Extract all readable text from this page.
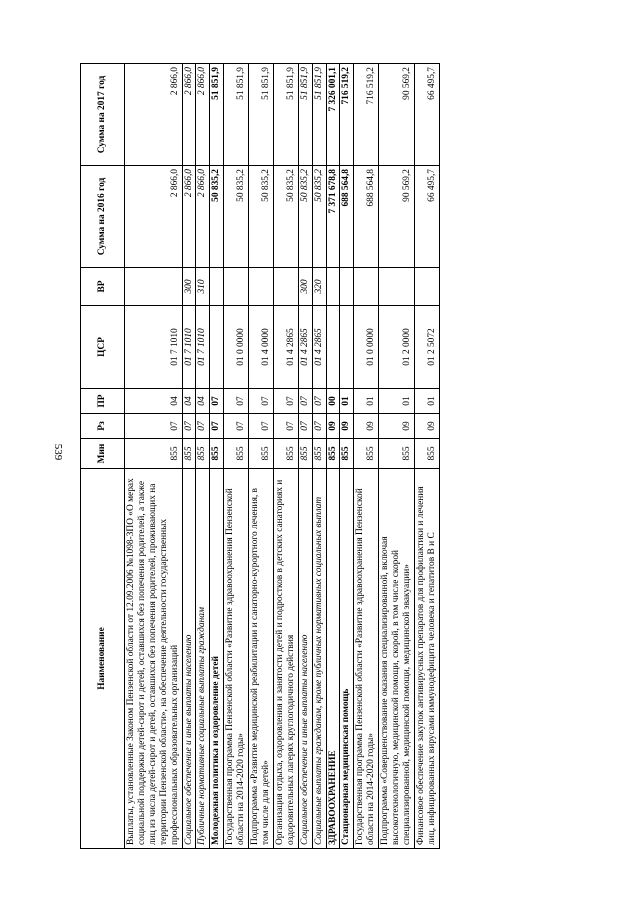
539
Наименование	Мин	Рз	ПР	ЦСР	ВР	Сумма на 2016 год	Сумма на 2017 год
Выплаты, установленные Законом Пензенской области от 12.09.2006 №1098-ЗПО «О мерах социальной поддержки детей-сирот и детей, оставшихся без попечения родителей, а также лиц из числа детей-сирот и детей, оставшихся без попечения родителей, проживающих на территории Пензенской области», на обеспечение деятельности государственных профессиональных образовательных организаций	855	07	04	01 7 1010		2 866,0	2 866,0
Социальное обеспечение и иные выплаты населению	855	07	04	01 7 1010	300	2 866,0	2 866,0
Публичные нормативные социальные выплаты гражданам	855	07	04	01 7 1010	310	2 866,0	2 866,0
Молодежная политика и оздоровление детей	855	07	07			50 835,2	51 851,9
Государственная программа Пензенской области «Развитие здравоохранения Пензенской области на 2014-2020 годы»	855	07	07	01 0 0000		50 835,2	51 851,9
Подпрограмма «Развитие медицинской реабилитации и санаторно-курортного лечения, в том числе для детей»	855	07	07	01 4 0000		50 835,2	51 851,9
Организация отдыха, оздоровления и занятости детей и подростков в детских санаториях и оздоровительных лагерях круглогодичного действия	855	07	07	01 4 2865		50 835,2	51 851,9
Социальное обеспечение и иные выплаты населению	855	07	07	01 4 2865	300	50 835,2	51 851,9
Социальные выплаты гражданам, кроме публичных нормативных социальных выплат	855	07	07	01 4 2865	320	50 835,2	51 851,9
ЗДРАВООХРАНЕНИЕ	855	09	00			7 371 678,8	7 326 001,1
Стационарная медицинская помощь	855	09	01			688 564,8	716 519,2
Государственная программа Пензенской области «Развитие здравоохранения Пензенской области на 2014-2020 годы»	855	09	01	01 0 0000		688 564,8	716 519,2
Подпрограмма «Совершенствование оказания специализированной, включая высокотехнологичную, медицинской помощи, скорой, в том числе скорой специализированной, медицинской помощи, медицинской эвакуации»	855	09	01	01 2 0000		90 569,2	90 569,2
Финансовое обеспечение закупок антивирусных препаратов для профилактики и лечения лиц, инфицированных вирусами иммунодефицита человека и гепатитов В и С	855	09	01	01 2 5072		66 495,7	66 495,7
